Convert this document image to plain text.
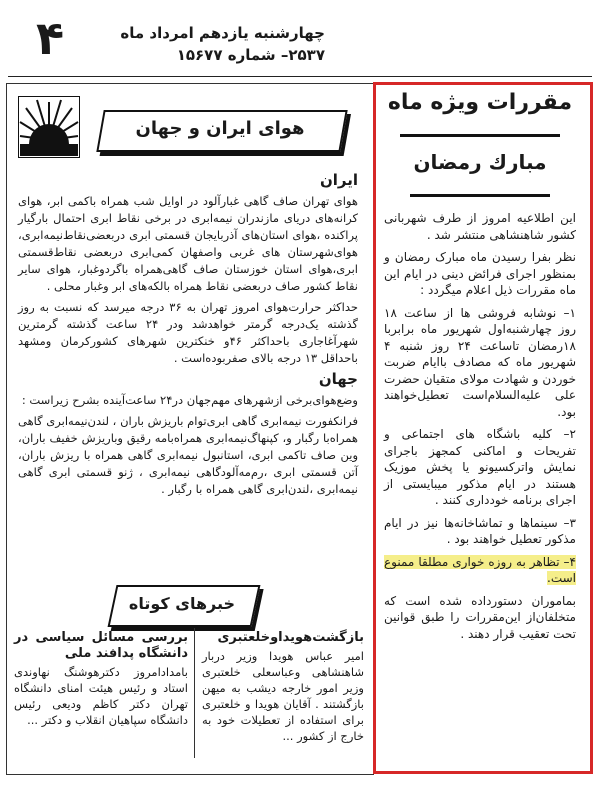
۴	چهارشنبه یازدهم امرداد ماه
۲۵۳۷– شماره ۱۵۶۷۷
هوای ایران و جهان
ایران

هوای تهران صاف گاهی غبارآلود در اوایل شب همراه باکمی ابر، هوای کرانه‌های دریای مازندران نیمه‌ابری در برخی نقاط ابری احتمال بارگیار پراکنده ،هوای استان‌های آذربایجان قسمتی ابری دربعضی‌نقاط‌نیمه‌ابری، هوای‌شهرستان های غربی واصفهان کمی‌ابری دربعضی نقاط‌قسمتی ابری،هوای استان خوزستان صاف گاهی‌همراه باگردوغبار، هوای سایر نقاط کشور صاف دربعضی نقاط همراه بالکه‌های ابر وغبار محلی .

حداکثر حرارت‌هوای امروز تهران به ۳۶ درجه میرسد که نسبت به روز گذشته یک‌درجه گرمتر خواهد‌شد ودر ۲۴ ساعت گذشته گرمترین شهرآغاجاری باحداکثر ۴۶و خنکترین شهرهای کشورکرمان ومشهد باحداقل ۱۳ درجه بالای صفربوده‌است .

جهان

وضع‌هوای‌برخی ازشهرهای مهم‌جهان در۲۴ ساعت‌آینده بشرح زیراست :

فرانکفورت نیمه‌ابری گاهی ابری‌توام باریزش باران ، لندن‌نیمه‌ابری گاهی همراه‌با رگبار و، کپنهاگ‌نیمه‌ابری همراه‌بامه رقیق وباریزش خفیف باران، وین صاف تاکمی ابری، استانبول نیمه‌ابری گاهی همراه با ریزش باران، آتن قسمتی ابری ،رم‌مه‌آلود‌گاهی نیمه‌ابری ، ژنو قسمتی ابری گاهی نیمه‌ابری ،لندن‌ابری گاهی همراه با رگبار .

خبرهای کوتاه
بررسی مسائل سیاسی در دانشگاه پدافند ملی
بامدادامروز دکترهوشنگ نهاوندی استاد و رئیس هیئت امنای دانشگاه تهران دکتر کاظم ودیعی رئیس دانشگاه سپاهیان انقلاب و دکتر ...
بازگشت‌هویداو‌خلعتبری
امیر عباس هویدا وزیر دربار شاهنشاهی وعباسعلی خلعتبری وزیر امور خارجه دیشب به میهن بازگشتند . آقایان هویدا و خلعتبری برای استفاده از تعطیلات خود به خارج از کشور ...
مقررات ویژه ماه
مبارك رمضان

این اطلاعیه امروز از طرف شهربانی کشور شاهنشاهی منتشر شد .

نظر بفرا رسیدن ماه مبارک رمضان و بمنظور اجرای فرائض دینی در ایام این ماه مقررات ذیل اعلام میگردد :

۱– نوشابه فروشی ها از ساعت ۱۸ روز چهارشنبه‌اول شهریور ماه برابربا ۱۸رمضان تاساعت ۲۴ روز شنبه ۴ شهریور ماه که مصادف باایام ضربت خوردن و شهادت مولای متقیان حضرت علی علیه‌السلام‌است تعطیل‌خواهند بود.

۲– کلیه باشگاه های اجتماعی و تفریحات و اماکنی کمجهز باجرای نمایش واترکسیونو یا پخش موزیک هستند در ایام مذکور میبایستی از اجرای برنامه خودداری کنند .

۳– سینماها و تماشاخانه‌ها نیز در ایام مذکور تعطیل خواهند بود .

۴– تظاهر به روزه خواری مطلقا ممنوع است.

بماموران دستورداده شده است که متخلفان‌از این‌مقررات را طبق قوانین تحت تعقیب قرار دهند .
